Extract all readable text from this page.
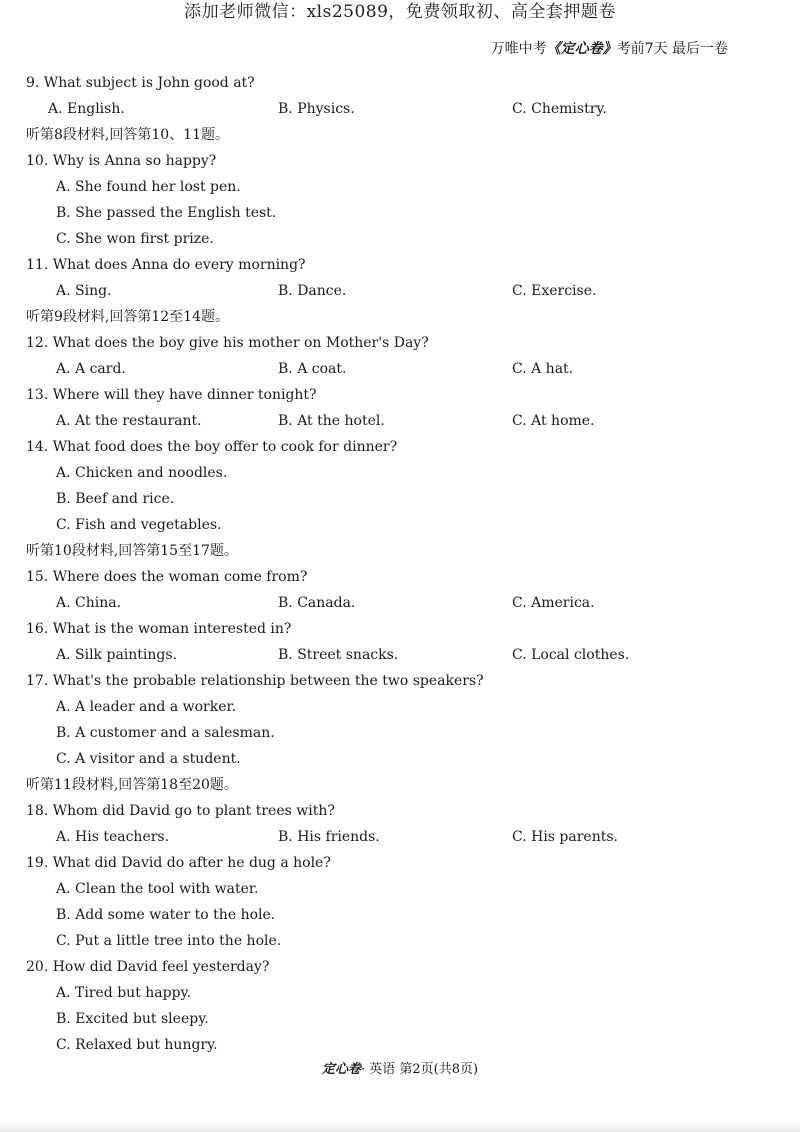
添加老师微信：xls25089，免费领取初、高全套押题卷
万唯中考《定心卷》考前7天 最后一卷
9. What subject is John good at?
A. English.	B. Physics.	C. Chemistry.
听第8段材料,回答第10、11题。
10. Why is Anna so happy?
A. She found her lost pen.
B. She passed the English test.
C. She won first prize.
11. What does Anna do every morning?
A. Sing.	B. Dance.	C. Exercise.
听第9段材料,回答第12至14题。
12. What does the boy give his mother on Mother's Day?
A. A card.	B. A coat.	C. A hat.
13. Where will they have dinner tonight?
A. At the restaurant.	B. At the hotel.	C. At home.
14. What food does the boy offer to cook for dinner?
A. Chicken and noodles.
B. Beef and rice.
C. Fish and vegetables.
听第10段材料,回答第15至17题。
15. Where does the woman come from?
A. China.	B. Canada.	C. America.
16. What is the woman interested in?
A. Silk paintings.	B. Street snacks.	C. Local clothes.
17. What's the probable relationship between the two speakers?
A. A leader and a worker.
B. A customer and a salesman.
C. A visitor and a student.
听第11段材料,回答第18至20题。
18. Whom did David go to plant trees with?
A. His teachers.	B. His friends.	C. His parents.
19. What did David do after he dug a hole?
A. Clean the tool with water.
B. Add some water to the hole.
C. Put a little tree into the hole.
20. How did David feel yesterday?
A. Tired but happy.
B. Excited but sleepy.
C. Relaxed but hungry.
定心卷· 英语 第2页(共8页)
